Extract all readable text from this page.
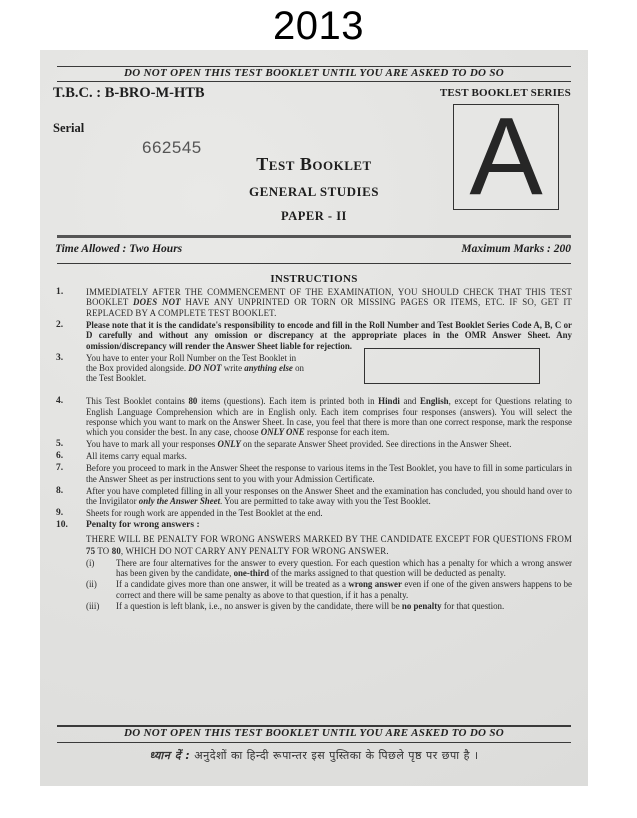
2013
DO NOT OPEN THIS TEST BOOKLET UNTIL YOU ARE ASKED TO DO SO
T.B.C. : B-BRO-M-HTB	TEST BOOKLET SERIES
Serial
662545 A
Test Booklet
GENERAL STUDIES
PAPER - II
Time Allowed : Two Hours	Maximum Marks : 200
INSTRUCTIONS
1.	IMMEDIATELY AFTER THE COMMENCEMENT OF THE EXAMINATION, YOU SHOULD CHECK THAT THIS TEST BOOKLET DOES NOT HAVE ANY UNPRINTED OR TORN OR MISSING PAGES OR ITEMS, ETC. IF SO, GET IT REPLACED BY A COMPLETE TEST BOOKLET.
2.	Please note that it is the candidate's responsibility to encode and fill in the Roll Number and Test Booklet Series Code A, B, C or D carefully and without any omission or discrepancy at the appropriate places in the OMR Answer Sheet. Any omission/discrepancy will render the Answer Sheet liable for rejection.
3.	You have to enter your Roll Number on the Test Booklet in the Box provided alongside. DO NOT write anything else on the Test Booklet.
4.	This Test Booklet contains 80 items (questions). Each item is printed both in Hindi and English, except for Questions relating to English Language Comprehension which are in English only. Each item comprises four responses (answers). You will select the response which you want to mark on the Answer Sheet. In case, you feel that there is more than one correct response, mark the response which you consider the best. In any case, choose ONLY ONE response for each item.
5.	You have to mark all your responses ONLY on the separate Answer Sheet provided. See directions in the Answer Sheet.
6.	All items carry equal marks.
7.	Before you proceed to mark in the Answer Sheet the response to various items in the Test Booklet, you have to fill in some particulars in the Answer Sheet as per instructions sent to you with your Admission Certificate.
8.	After you have completed filling in all your responses on the Answer Sheet and the examination has concluded, you should hand over to the Invigilator only the Answer Sheet. You are permitted to take away with you the Test Booklet.
9.	Sheets for rough work are appended in the Test Booklet at the end.
10. Penalty for wrong answers :
THERE WILL BE PENALTY FOR WRONG ANSWERS MARKED BY THE CANDIDATE EXCEPT FOR QUESTIONS FROM 75 TO 80, WHICH DO NOT CARRY ANY PENALTY FOR WRONG ANSWER.
(i) There are four alternatives for the answer to every question. For each question which has a penalty for which a wrong answer has been given by the candidate, one-third of the marks assigned to that question will be deducted as penalty.
(ii) If a candidate gives more than one answer, it will be treated as a wrong answer even if one of the given answers happens to be correct and there will be same penalty as above to that question, if it has a penalty.
(iii) If a question is left blank, i.e., no answer is given by the candidate, there will be no penalty for that question.
DO NOT OPEN THIS TEST BOOKLET UNTIL YOU ARE ASKED TO DO SO
ध्यान दें : अनुदेशों का हिन्दी रूपान्तर इस पुस्तिका के पिछले पृष्ठ पर छपा है ।
